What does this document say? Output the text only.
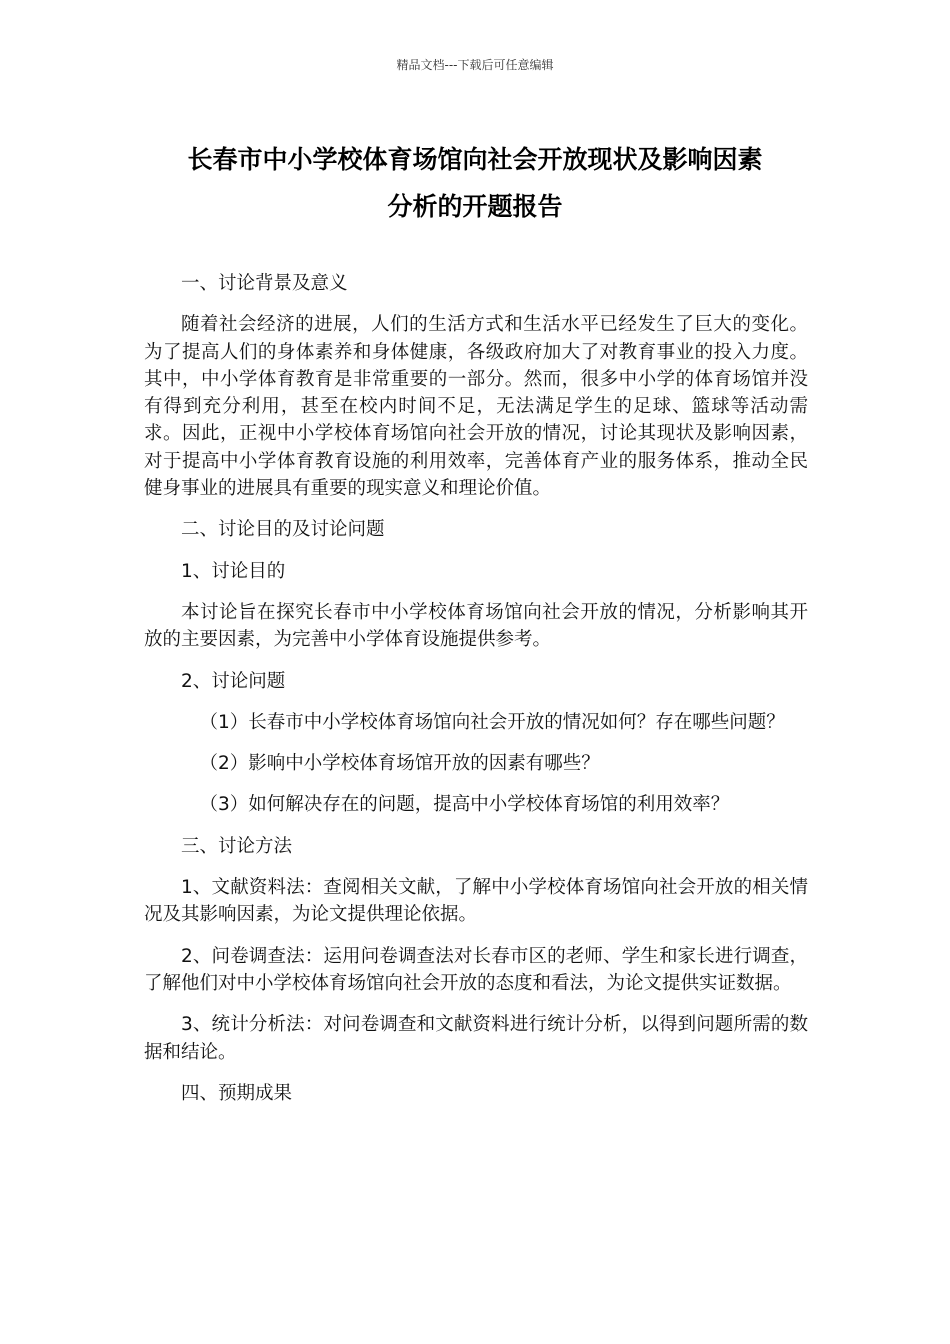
精品文档---下载后可任意编辑
长春市中小学校体育场馆向社会开放现状及影响因素
分析的开题报告

一、讨论背景及意义

随着社会经济的进展，人们的生活方式和生活水平已经发生了巨大的变化。为了提高人们的身体素养和身体健康，各级政府加大了对教育事业的投入力度。其中，中小学体育教育是非常重要的一部分。然而，很多中小学的体育场馆并没有得到充分利用，甚至在校内时间不足，无法满足学生的足球、篮球等活动需求。因此，正视中小学校体育场馆向社会开放的情况，讨论其现状及影响因素，对于提高中小学体育教育设施的利用效率，完善体育产业的服务体系，推动全民健身事业的进展具有重要的现实意义和理论价值。

二、讨论目的及讨论问题

1、讨论目的

本讨论旨在探究长春市中小学校体育场馆向社会开放的情况，分析影响其开放的主要因素，为完善中小学体育设施提供参考。

2、讨论问题

（1）长春市中小学校体育场馆向社会开放的情况如何？存在哪些问题？

（2）影响中小学校体育场馆开放的因素有哪些？

（3）如何解决存在的问题，提高中小学校体育场馆的利用效率？

三、讨论方法

1、文献资料法：查阅相关文献，了解中小学校体育场馆向社会开放的相关情况及其影响因素，为论文提供理论依据。

2、问卷调查法：运用问卷调查法对长春市区的老师、学生和家长进行调查，了解他们对中小学校体育场馆向社会开放的态度和看法，为论文提供实证数据。

3、统计分析法：对问卷调查和文献资料进行统计分析，以得到问题所需的数据和结论。

四、预期成果
